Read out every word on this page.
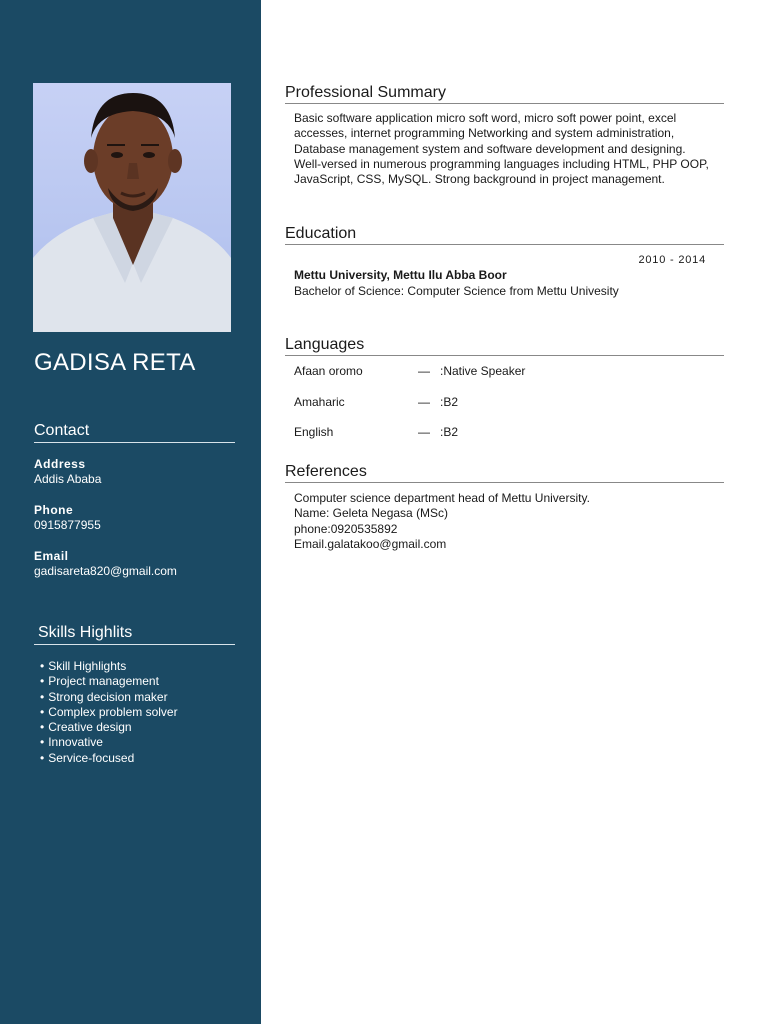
GADISA RETA
Contact
Address
Addis Ababa
Phone
0915877955
Email
gadisareta820@gmail.com
Skills Highlits
• Skill Highlights
• Project management
• Strong decision maker
• Complex problem solver
• Creative design
• Innovative
• Service-focused
Professional Summary

Basic software application micro soft word, micro soft power point, excel accesses, internet programming Networking and system administration, Database management system and software development and designing. Well-versed in numerous programming languages including HTML, PHP OOP, JavaScript, CSS, MySQL. Strong background in project management.

Education
2010 - 2014
Mettu University, Mettu Ilu Abba Boor
Bachelor of Science: Computer Science from Mettu Univesity
Languages
Afaan oromo	— :Native Speaker
Amaharic	— :B2
English	— :B2
References
Computer science department head of Mettu University.
Name: Geleta Negasa (MSc)
phone:0920535892
Email.galatakoo@gmail.com
